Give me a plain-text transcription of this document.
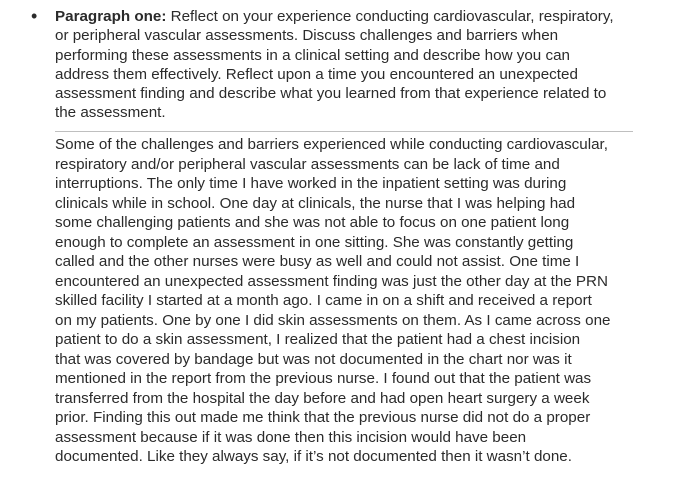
• Paragraph one: Reflect on your experience conducting cardiovascular, respiratory,
or peripheral vascular assessments. Discuss challenges and barriers when
performing these assessments in a clinical setting and describe how you can
address them effectively. Reflect upon a time you encountered an unexpected
assessment finding and describe what you learned from that experience related to
the assessment.
Some of the challenges and barriers experienced while conducting cardiovascular,
respiratory and/or peripheral vascular assessments can be lack of time and
interruptions. The only time I have worked in the inpatient setting was during
clinicals while in school. One day at clinicals, the nurse that I was helping had
some challenging patients and she was not able to focus on one patient long
enough to complete an assessment in one sitting. She was constantly getting
called and the other nurses were busy as well and could not assist. One time I
encountered an unexpected assessment finding was just the other day at the PRN
skilled facility I started at a month ago. I came in on a shift and received a report
on my patients. One by one I did skin assessments on them. As I came across one
patient to do a skin assessment, I realized that the patient had a chest incision
that was covered by bandage but was not documented in the chart nor was it
mentioned in the report from the previous nurse. I found out that the patient was
transferred from the hospital the day before and had open heart surgery a week
prior. Finding this out made me think that the previous nurse did not do a proper
assessment because if it was done then this incision would have been
documented. Like they always say, if it’s not documented then it wasn’t done.
